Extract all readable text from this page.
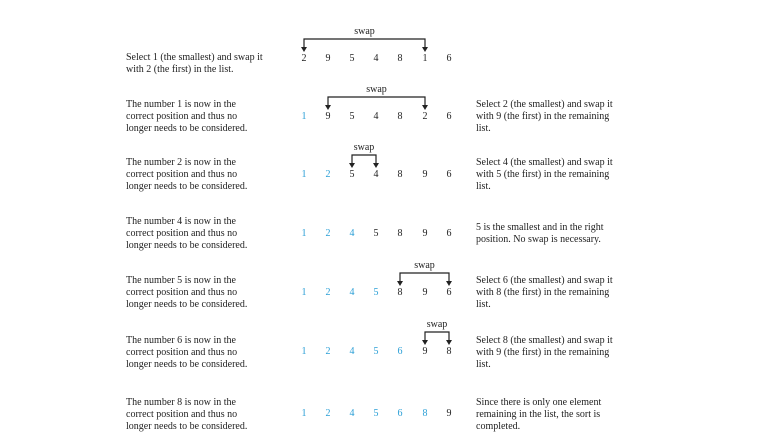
Select 1 (the smallest) and swap it
with 2 (the first) in the list.
2	9	5	4	8	1	6
The number 1 is now in the
correct position and thus no
longer needs to be considered.
Select 2 (the smallest) and swap it
with 9 (the first) in the remaining
list.
1	9	5	4	8	2	6
The number 2 is now in the
correct position and thus no
longer needs to be considered.
Select 4 (the smallest) and swap it
with 5 (the first) in the remaining
list.
1	2	5	4	8	9	6
The number 4 is now in the
correct position and thus no
longer needs to be considered.
5 is the smallest and in the right
position. No swap is necessary.
1	2	4	5	8	9	6
The number 5 is now in the
correct position and thus no
longer needs to be considered.
Select 6 (the smallest) and swap it
with 8 (the first) in the remaining
list.
1	2	4	5	8	9	6
The number 6 is now in the
correct position and thus no
longer needs to be considered.
Select 8 (the smallest) and swap it
with 9 (the first) in the remaining
list.
1	2	4	5	6	9	8
The number 8 is now in the
correct position and thus no
longer needs to be considered.
Since there is only one element
remaining in the list, the sort is
completed.
1	2	4	5	6	8	9
swap
swap
swap
swap
swap
